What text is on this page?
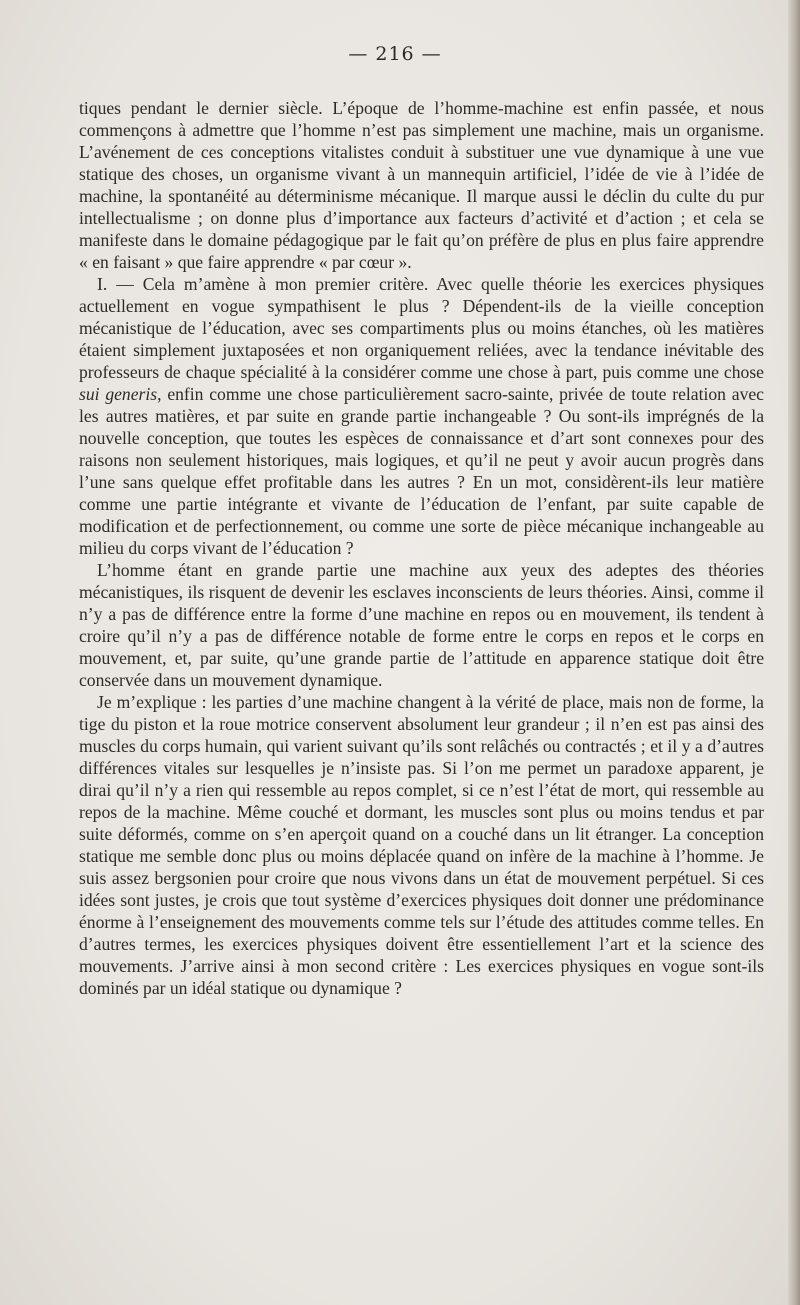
— 216 —

tiques pendant le dernier siècle. L’époque de l’homme-machine est enfin passée, et nous commençons à admettre que l’homme n’est pas simplement une machine, mais un organisme. L’avénement de ces conceptions vitalistes conduit à substituer une vue dynamique à une vue statique des choses, un organisme vivant à un mannequin artificiel, l’idée de vie à l’idée de machine, la spontanéité au déterminisme mécanique. Il marque aussi le déclin du culte du pur intellectualisme ; on donne plus d’importance aux facteurs d’activité et d’action ; et cela se manifeste dans le domaine pédagogique par le fait qu’on préfère de plus en plus faire apprendre « en faisant » que faire apprendre « par cœur ».

I. — Cela m’amène à mon premier critère. Avec quelle théorie les exercices physiques actuellement en vogue sympathisent le plus ? Dépendent-ils de la vieille conception mécanistique de l’éducation, avec ses compartiments plus ou moins étanches, où les matières étaient simplement juxtaposées et non organiquement reliées, avec la tendance inévitable des professeurs de chaque spécialité à la considérer comme une chose à part, puis comme une chose sui generis, enfin comme une chose particulièrement sacro-sainte, privée de toute relation avec les autres matières, et par suite en grande partie inchangeable ? Ou sont-ils imprégnés de la nouvelle conception, que toutes les espèces de connaissance et d’art sont connexes pour des raisons non seulement historiques, mais logiques, et qu’il ne peut y avoir aucun progrès dans l’une sans quelque effet profitable dans les autres ? En un mot, considèrent-ils leur matière comme une partie intégrante et vivante de l’éducation de l’enfant, par suite capable de modification et de perfectionnement, ou comme une sorte de pièce mécanique inchangeable au milieu du corps vivant de l’éducation ?

L’homme étant en grande partie une machine aux yeux des adeptes des théories mécanistiques, ils risquent de devenir les esclaves inconscients de leurs théories. Ainsi, comme il n’y a pas de différence entre la forme d’une machine en repos ou en mouvement, ils tendent à croire qu’il n’y a pas de différence notable de forme entre le corps en repos et le corps en mouvement, et, par suite, qu’une grande partie de l’attitude en apparence statique doit être conservée dans un mouvement dynamique.

Je m’explique : les parties d’une machine changent à la vérité de place, mais non de forme, la tige du piston et la roue motrice conservent absolument leur grandeur ; il n’en est pas ainsi des muscles du corps humain, qui varient suivant qu’ils sont relâchés ou contractés ; et il y a d’autres différences vitales sur lesquelles je n’insiste pas. Si l’on me permet un paradoxe apparent, je dirai qu’il n’y a rien qui ressemble au repos complet, si ce n’est l’état de mort, qui ressemble au repos de la machine. Même couché et dormant, les muscles sont plus ou moins tendus et par suite déformés, comme on s’en aperçoit quand on a couché dans un lit étranger. La conception statique me semble donc plus ou moins déplacée quand on infère de la machine à l’homme. Je suis assez bergsonien pour croire que nous vivons dans un état de mouvement perpétuel. Si ces idées sont justes, je crois que tout système d’exercices physiques doit donner une prédominance énorme à l’enseignement des mouvements comme tels sur l’étude des attitudes comme telles. En d’autres termes, les exercices physiques doivent être essentiellement l’art et la science des mouvements. J’arrive ainsi à mon second critère : Les exercices physiques en vogue sont-ils dominés par un idéal statique ou dynamique ?
